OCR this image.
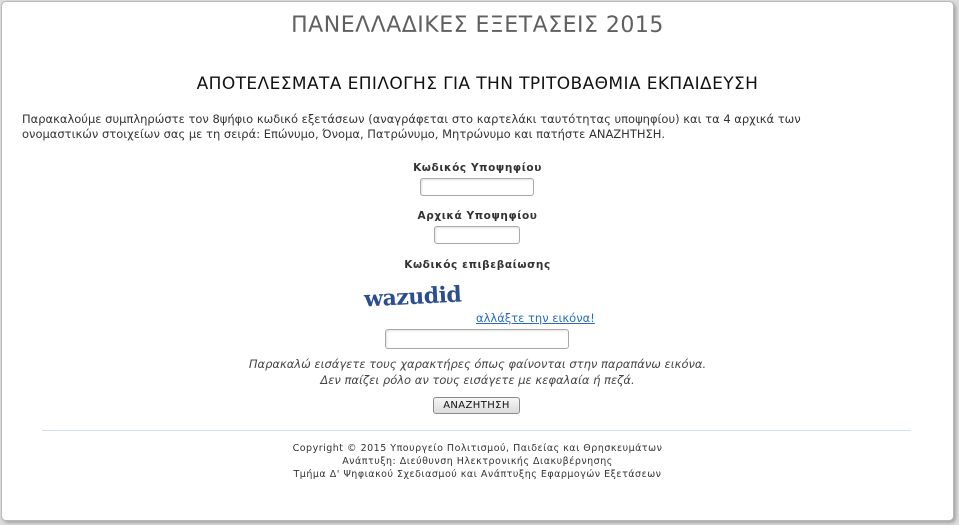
ΠΑΝΕΛΛΑΔΙΚΕΣ ΕΞΕΤΑΣΕΙΣ 2015
ΑΠΟΤΕΛΕΣΜΑΤΑ ΕΠΙΛΟΓΗΣ ΓΙΑ ΤΗΝ ΤΡΙΤΟΒΑΘΜΙΑ ΕΚΠΑΙΔΕΥΣΗ
Παρακαλούμε συμπληρώστε τον 8ψήφιο κωδικό εξετάσεων (αναγράφεται στο καρτελάκι ταυτότητας υποψηφίου) και τα 4 αρχικά των
ονομαστικών στοιχείων σας με τη σειρά: Επώνυμο, Όνομα, Πατρώνυμο, Μητρώνυμο και πατήστε ΑΝΑΖΗΤΗΣΗ.
Κωδικός Υποψηφίου
Αρχικά Υποψηφίου
Κωδικός επιβεβαίωσης
wazudid
αλλάξτε την εικόνα!
Παρακαλώ εισάγετε τους χαρακτήρες όπως φαίνονται στην παραπάνω εικόνα.
Δεν παίζει ρόλο αν τους εισάγετε με κεφαλαία ή πεζά.
ΑΝΑΖΗΤΗΣΗ
Copyright © 2015 Υπουργείο Πολιτισμού, Παιδείας και Θρησκευμάτων
Ανάπτυξη: Διεύθυνση Ηλεκτρονικής Διακυβέρνησης
Τμήμα Δ' Ψηφιακού Σχεδιασμού και Ανάπτυξης Εφαρμογών Εξετάσεων
